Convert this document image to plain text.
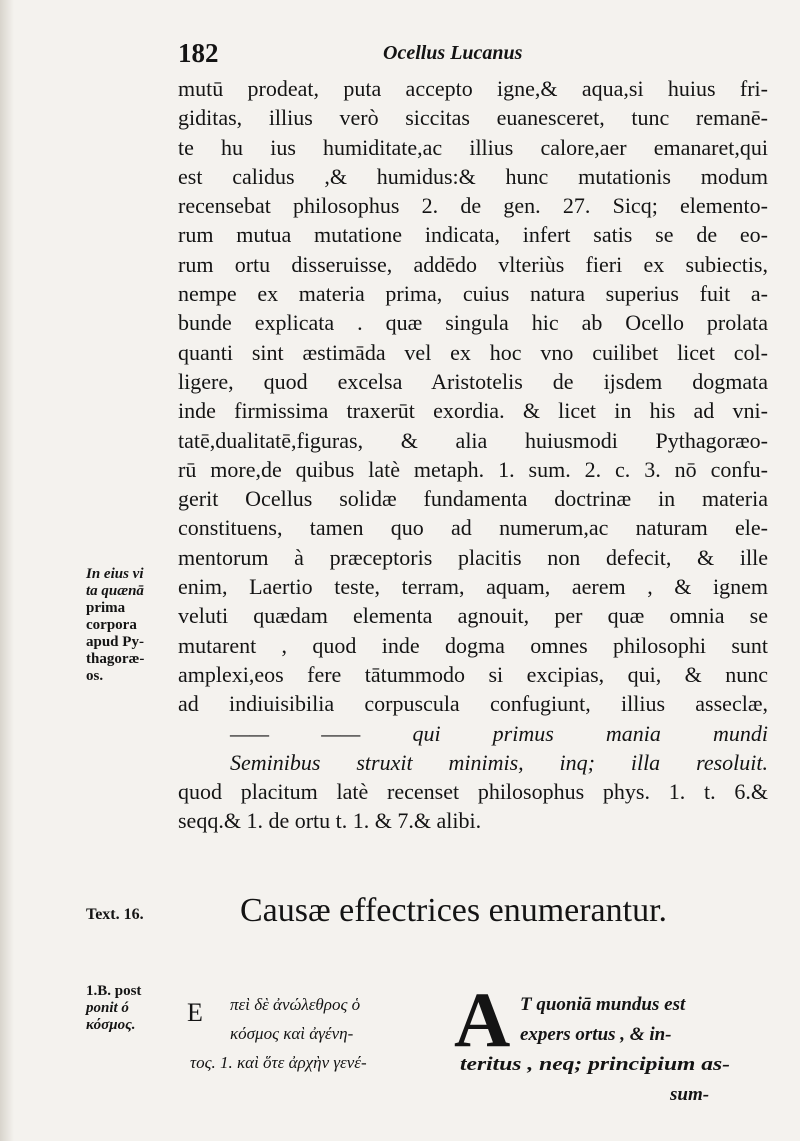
182	Ocellus Lucanus
mutū prodeat, puta accepto igne,& aqua,si huius fri-
giditas, illius verò siccitas euanesceret, tunc remanē-
te hu ius humiditate,ac illius calore,aer emanaret,qui
est calidus ,& humidus:& hunc mutationis modum
recensebat philosophus 2. de gen. 27. Sicq; elemento-
rum mutua mutatione indicata, infert satis se de eo-
rum ortu disseruisse, addēdo vlteriùs fieri ex subiectis,
nempe ex materia prima, cuius natura superius fuit a-
bunde explicata . quæ singula hic ab Ocello prolata
quanti sint æstimāda vel ex hoc vno cuilibet licet col-
ligere, quod excelsa Aristotelis de ijsdem dogmata
inde firmissima traxerūt exordia. & licet in his ad vni-
tatē,dualitatē,figuras, & alia huiusmodi Pythagoræo-
rū more,de quibus latè metaph. 1. sum. 2. c. 3. nō confu-
gerit Ocellus solidæ fundamenta doctrinæ in materia
constituens, tamen quo ad numerum,ac naturam ele-
mentorum à præceptoris placitis non defecit, & ille
enim, Laertio teste, terram, aquam, aerem , & ignem
veluti quædam elementa agnouit, per quæ omnia se
mutarent , quod inde dogma omnes philosophi sunt
amplexi,eos fere tātummodo si excipias, qui, & nunc
ad indiuisibilia corpuscula confugiunt, illius asseclæ,
—— —— qui primus mania mundi
Seminibus struxit minimis, inq; illa resoluit.
quod placitum latè recenset philosophus phys. 1. t. 6.&
seqq.& 1. de ortu t. 1. & 7.& alibi.
In eius vi
ta quænā
prima
corpora
apud Py-
thagoræ-
os.
Text. 16.
1.B. post
ponit ó
κόσμος.
Causæ effectrices enumerantur.
E πεὶ δὲ ἀνώλεθρος ὁ
κόσμος καὶ ἀγένη-
τος. 1. καὶ ὅτε ἀρχὴν γενέ-	A T quoniā mundus est
expers ortus , & in-
teritus , neq; principium as-
sum-
